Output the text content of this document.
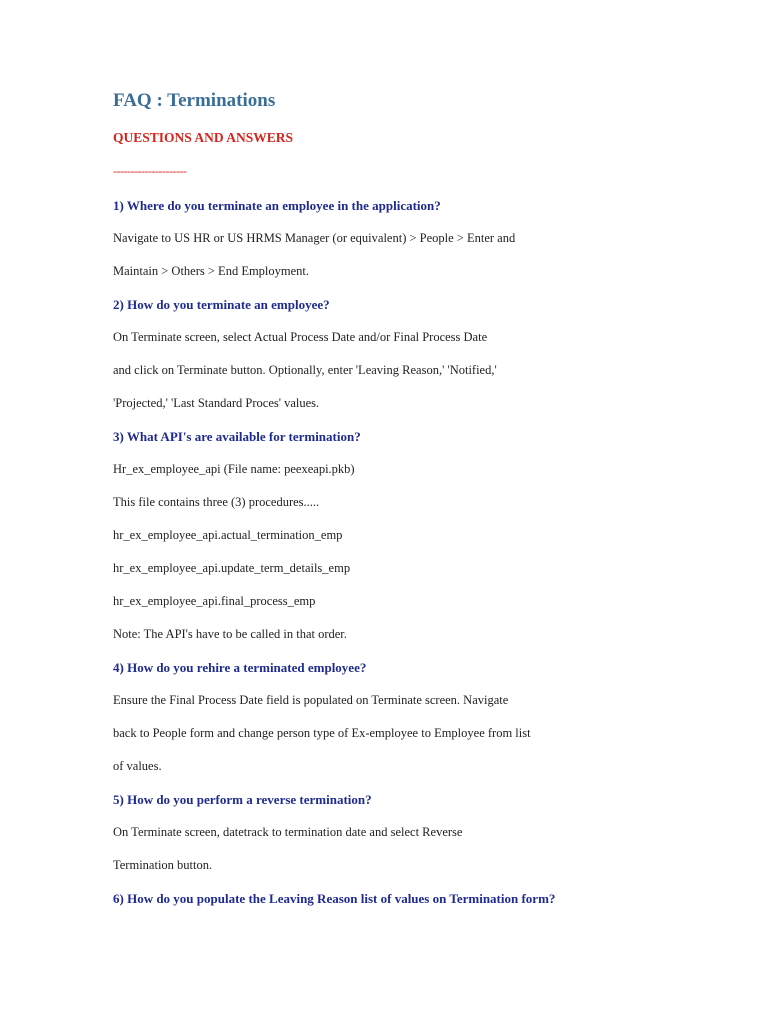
FAQ : Terminations
QUESTIONS AND ANSWERS
---------------------
1) Where do you terminate an employee in the application?
Navigate to US HR or US HRMS Manager (or equivalent) > People > Enter and
Maintain > Others > End Employment.
2) How do you terminate an employee?
On Terminate screen, select Actual Process Date and/or Final Process Date
and click on Terminate button. Optionally, enter 'Leaving Reason,' 'Notified,'
'Projected,' 'Last Standard Proces' values.
3) What API's are available for termination?
Hr_ex_employee_api (File name: peexeapi.pkb)
This file contains three (3) procedures.....
hr_ex_employee_api.actual_termination_emp
hr_ex_employee_api.update_term_details_emp
hr_ex_employee_api.final_process_emp
Note: The API's have to be called in that order.
4) How do you rehire a terminated employee?
Ensure the Final Process Date field is populated on Terminate screen. Navigate
back to People form and change person type of Ex-employee to Employee from list
of values.
5) How do you perform a reverse termination?
On Terminate screen, datetrack to termination date and select Reverse
Termination button.
6) How do you populate the Leaving Reason list of values on Termination form?
